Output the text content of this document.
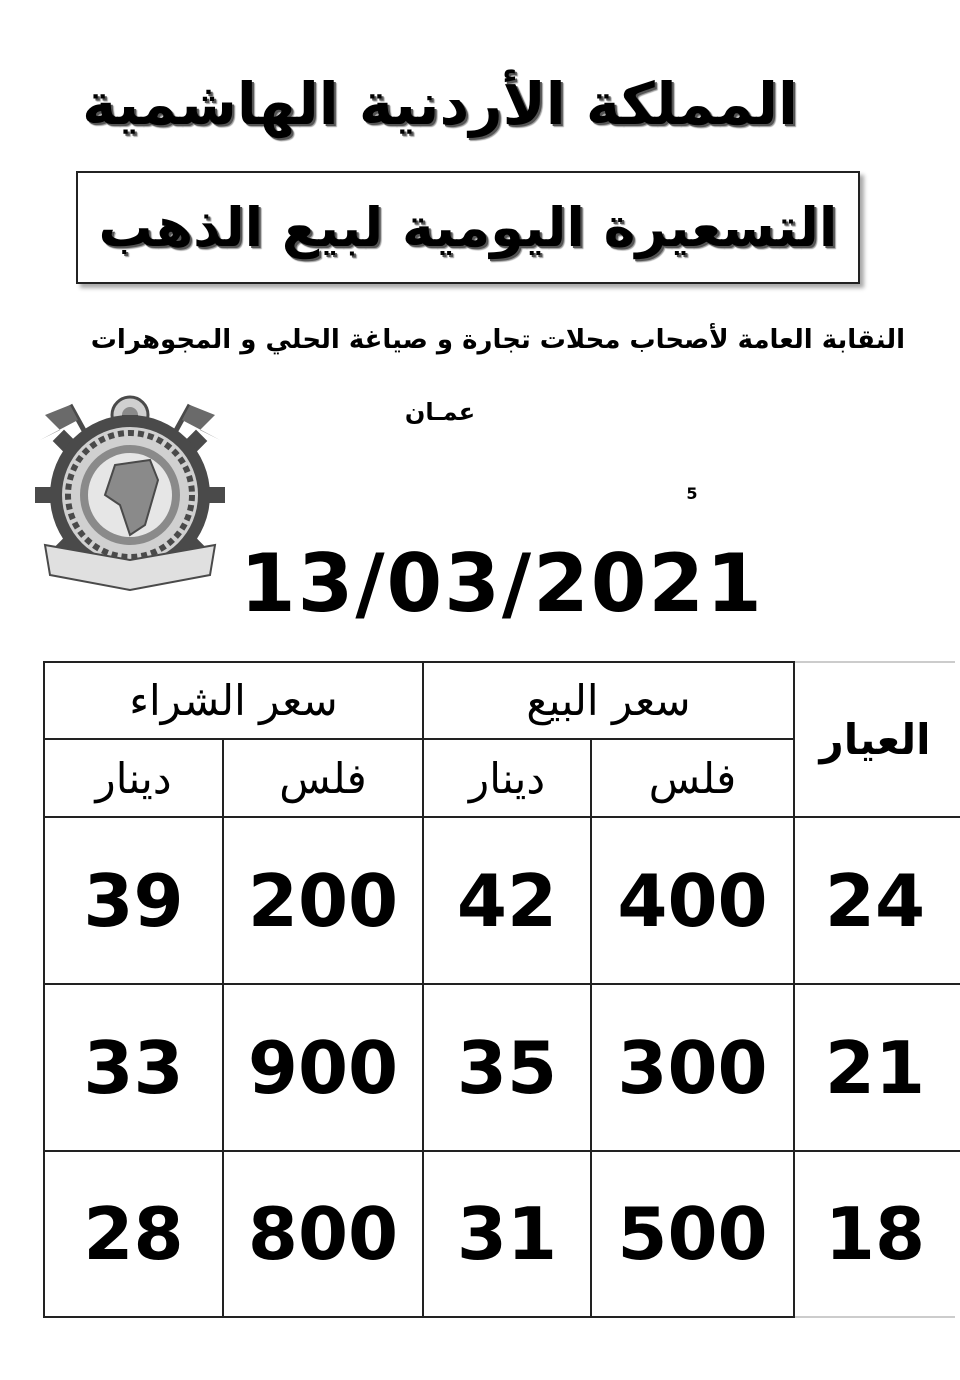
المملكة الأردنية الهاشمية
التسعيرة اليومية لبيع الذهب
النقابة العامة لأصحاب محلات تجارة و صياغة الحلي و المجوهرات
عمـان
5
13/03/2021
سعر الشراء	سعر البيع
العيار
دينار	فلس	دينار	فلس
39 200 42 400 24
33 900 35 300 21
28 800 31 500 18
